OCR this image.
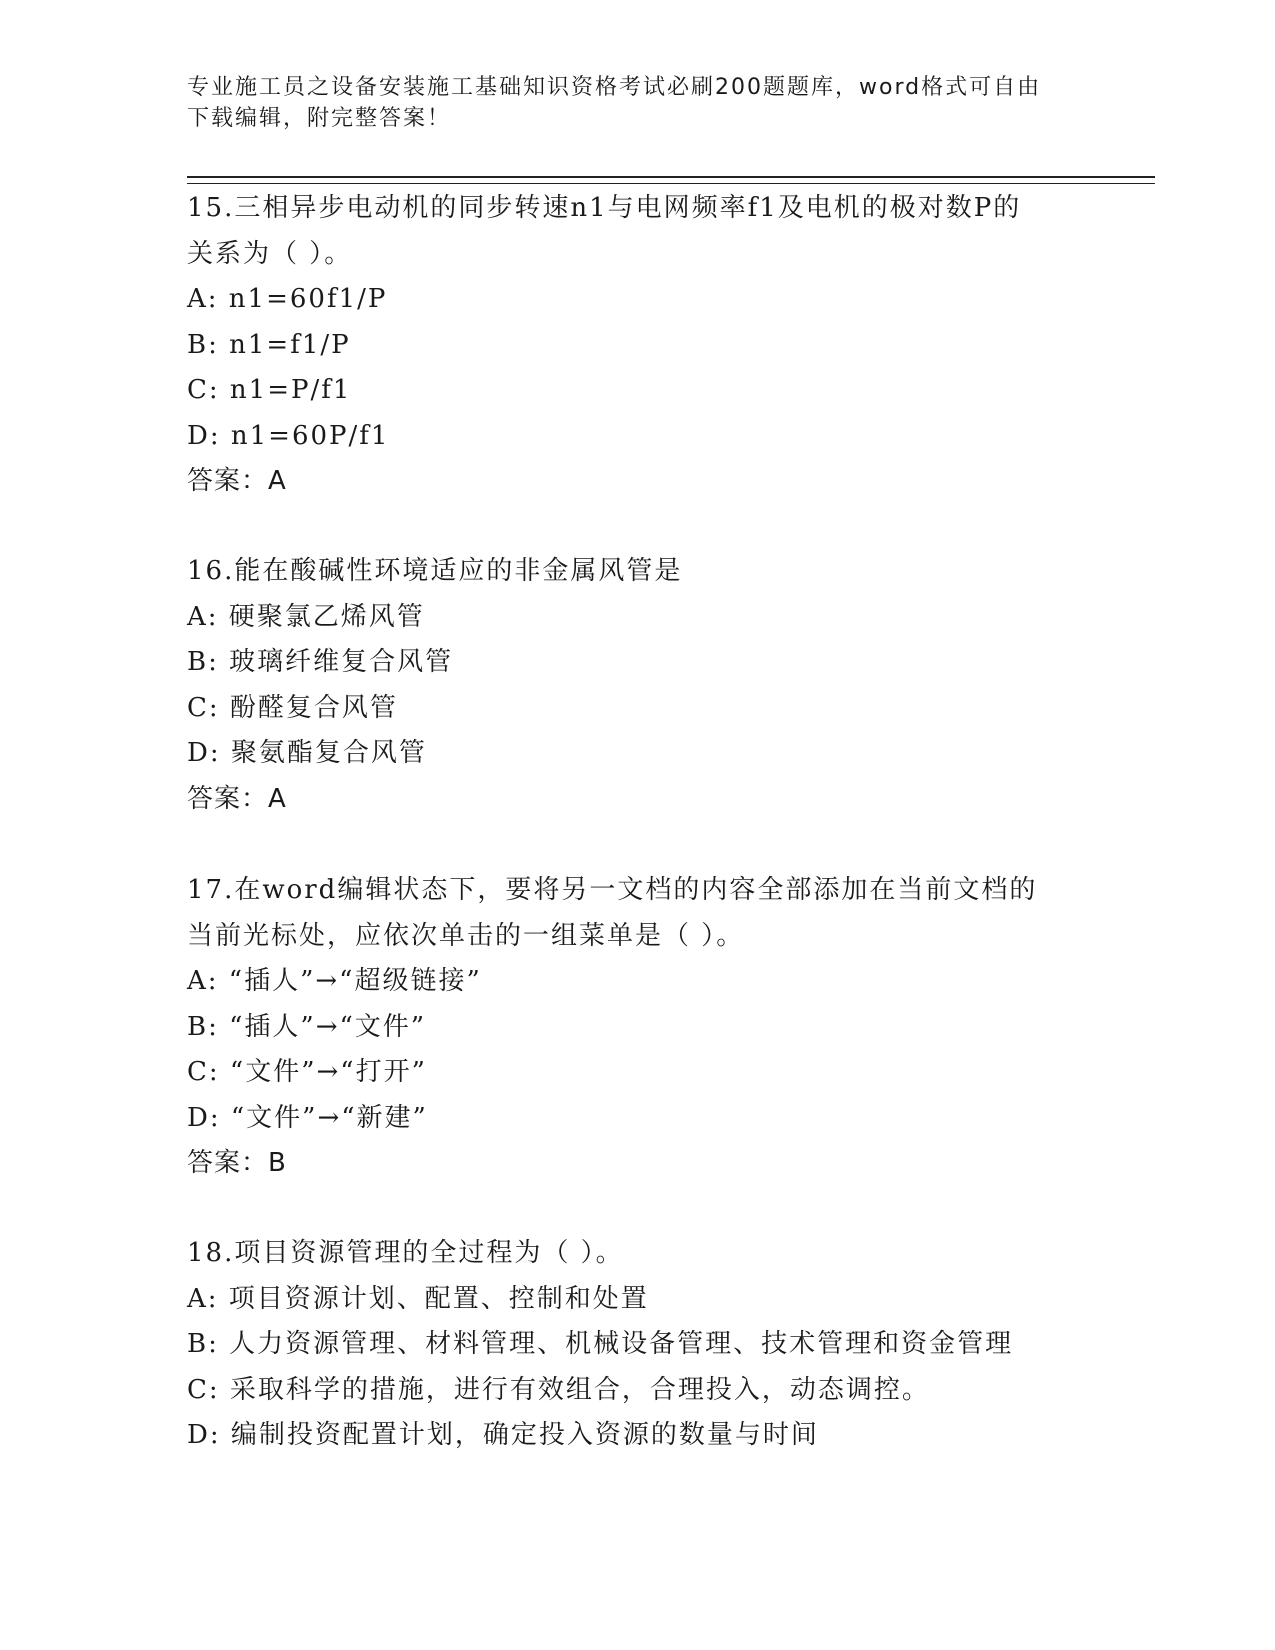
专业施工员之设备安装施工基础知识资格考试必刷200题题库，word格式可自由
下载编辑，附完整答案！
15.三相异步电动机的同步转速n1与电网频率f1及电机的极对数P的
关系为（ ）。
A: n1=60f1/P
B: n1=f1/P
C: n1=P/f1
D: n1=60P/f1
答案：A
16.能在酸碱性环境适应的非金属风管是
A: 硬聚氯乙烯风管
B: 玻璃纤维复合风管
C: 酚醛复合风管
D: 聚氨酯复合风管
答案：A
17.在word编辑状态下，要将另一文档的内容全部添加在当前文档的
当前光标处，应依次单击的一组菜单是（ ）。
A: “插人”→“超级链接”
B: “插人”→“文件”
C: “文件”→“打开”
D: “文件”→“新建”
答案：B
18.项目资源管理的全过程为（ ）。
A: 项目资源计划、配置、控制和处置
B: 人力资源管理、材料管理、机械设备管理、技术管理和资金管理
C: 采取科学的措施，进行有效组合，合理投入，动态调控。
D: 编制投资配置计划，确定投入资源的数量与时间
